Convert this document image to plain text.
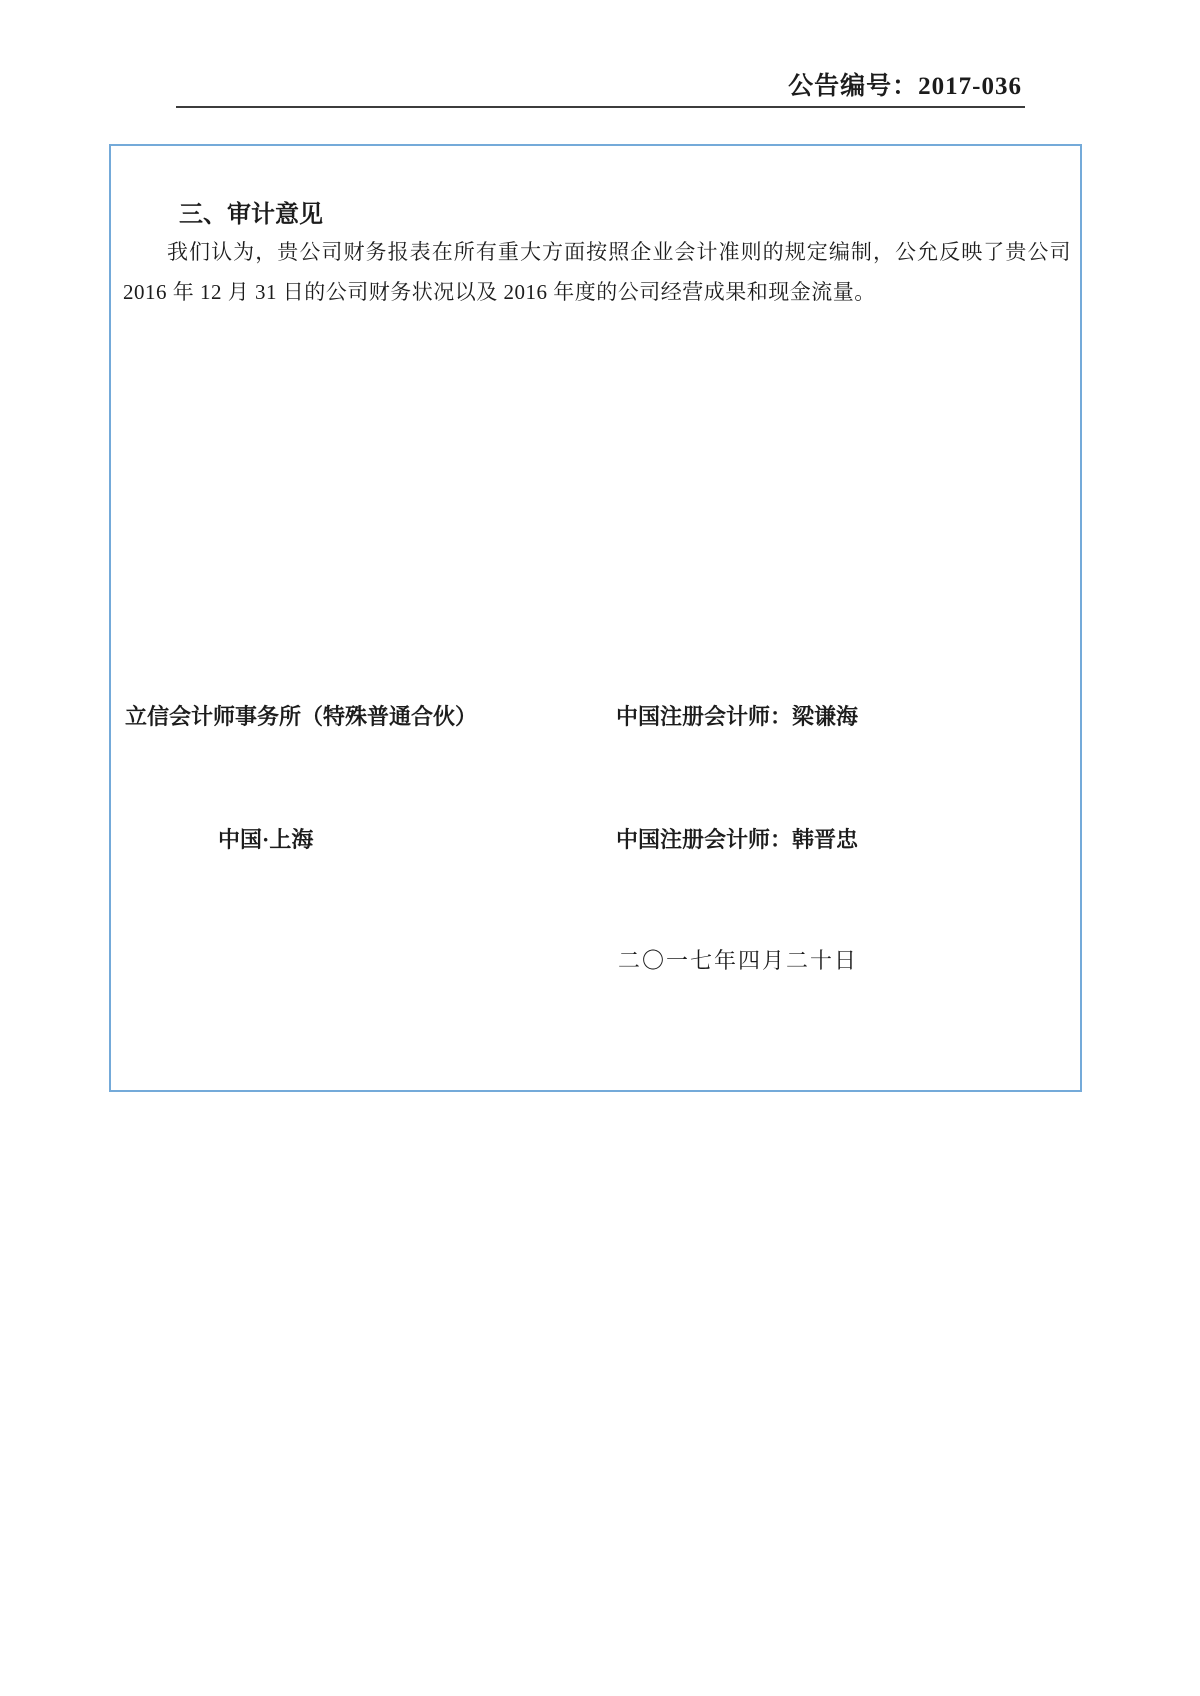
公告编号：2017-036
三、审计意见
我们认为，贵公司财务报表在所有重大方面按照企业会计准则的规定编制，公允反映了贵公司 2016 年 12 月 31 日的公司财务状况以及 2016 年度的公司经营成果和现金流量。
立信会计师事务所（特殊普通合伙）	中国注册会计师：梁谦海
中国·上海	中国注册会计师：韩晋忠
二〇一七年四月二十日
